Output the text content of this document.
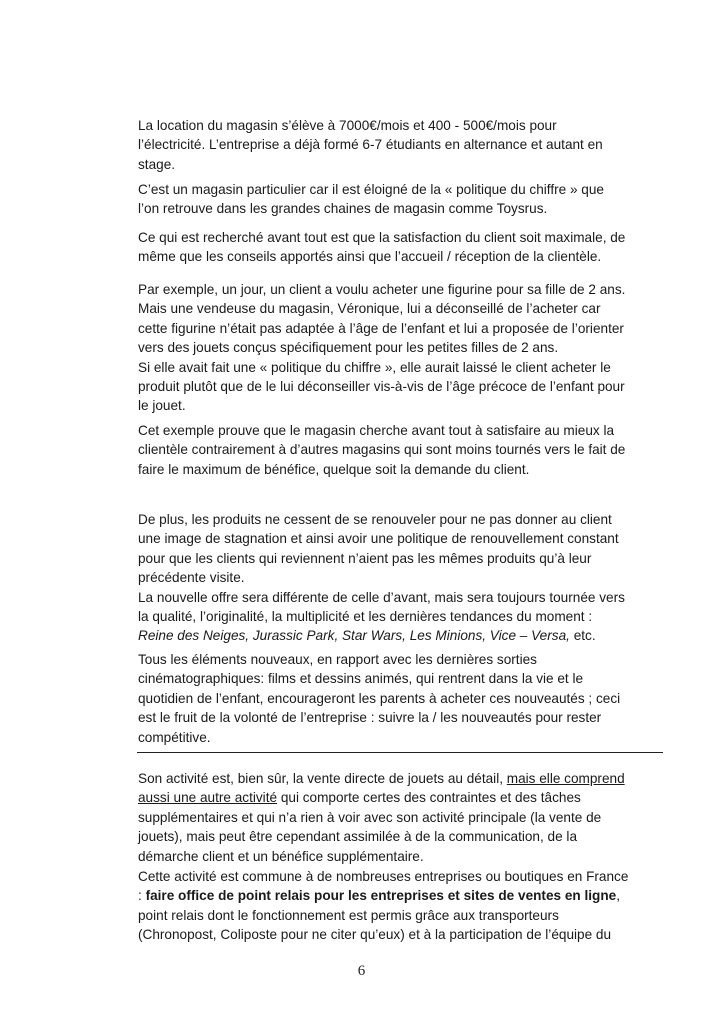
La location du magasin s’élève à 7000€/mois et 400 - 500€/mois pour
l’électricité. L’entreprise a déjà formé 6-7 étudiants en alternance et autant en
stage.
C’est un magasin particulier car il est éloigné de la « politique du chiffre » que
l’on retrouve dans les grandes chaines de magasin comme Toysrus.
Ce qui est recherché avant tout est que la satisfaction du client soit maximale, de
même que les conseils apportés ainsi que l’accueil / réception de la clientèle.
Par exemple, un jour, un client a voulu acheter une figurine pour sa fille de 2 ans.
Mais une vendeuse du magasin, Véronique, lui a déconseillé de l’acheter car
cette figurine n’était pas adaptée à l’âge de l’enfant et lui a proposée de l’orienter
vers des jouets conçus spécifiquement pour les petites filles de 2 ans.
Si elle avait fait une « politique du chiffre », elle aurait laissé le client acheter le
produit plutôt que de le lui déconseiller vis-à-vis de l’âge précoce de l’enfant pour
le jouet.
Cet exemple prouve que le magasin cherche avant tout à satisfaire au mieux la
clientèle contrairement à d’autres magasins qui sont moins tournés vers le fait de
faire le maximum de bénéfice, quelque soit la demande du client.
De plus, les produits ne cessent de se renouveler pour ne pas donner au client
une image de stagnation et ainsi avoir une politique de renouvellement constant
pour que les clients qui reviennent n’aient pas les mêmes produits qu’à leur
précédente visite.
La nouvelle offre sera différente de celle d’avant, mais sera toujours tournée vers
la qualité, l’originalité, la multiplicité et les dernières tendances du moment :
Reine des Neiges, Jurassic Park, Star Wars, Les Minions, Vice – Versa, etc.
Tous les éléments nouveaux, en rapport avec les dernières sorties
cinématographiques: films et dessins animés, qui rentrent dans la vie et le
quotidien de l’enfant, encourageront les parents à acheter ces nouveautés ; ceci
est le fruit de la volonté de l’entreprise : suivre la / les nouveautés pour rester
compétitive.
Son activité est, bien sûr, la vente directe de jouets au détail, mais elle comprend
aussi une autre activité qui comporte certes des contraintes et des tâches
supplémentaires et qui n’a rien à voir avec son activité principale (la vente de
jouets), mais peut être cependant assimilée à de la communication, de la
démarche client et un bénéfice supplémentaire.
Cette activité est commune à de nombreuses entreprises ou boutiques en France
: faire office de point relais pour les entreprises et sites de ventes en ligne,
point relais dont le fonctionnement est permis grâce aux transporteurs
(Chronopost, Coliposte pour ne citer qu’eux) et à la participation de l’équipe du
6
